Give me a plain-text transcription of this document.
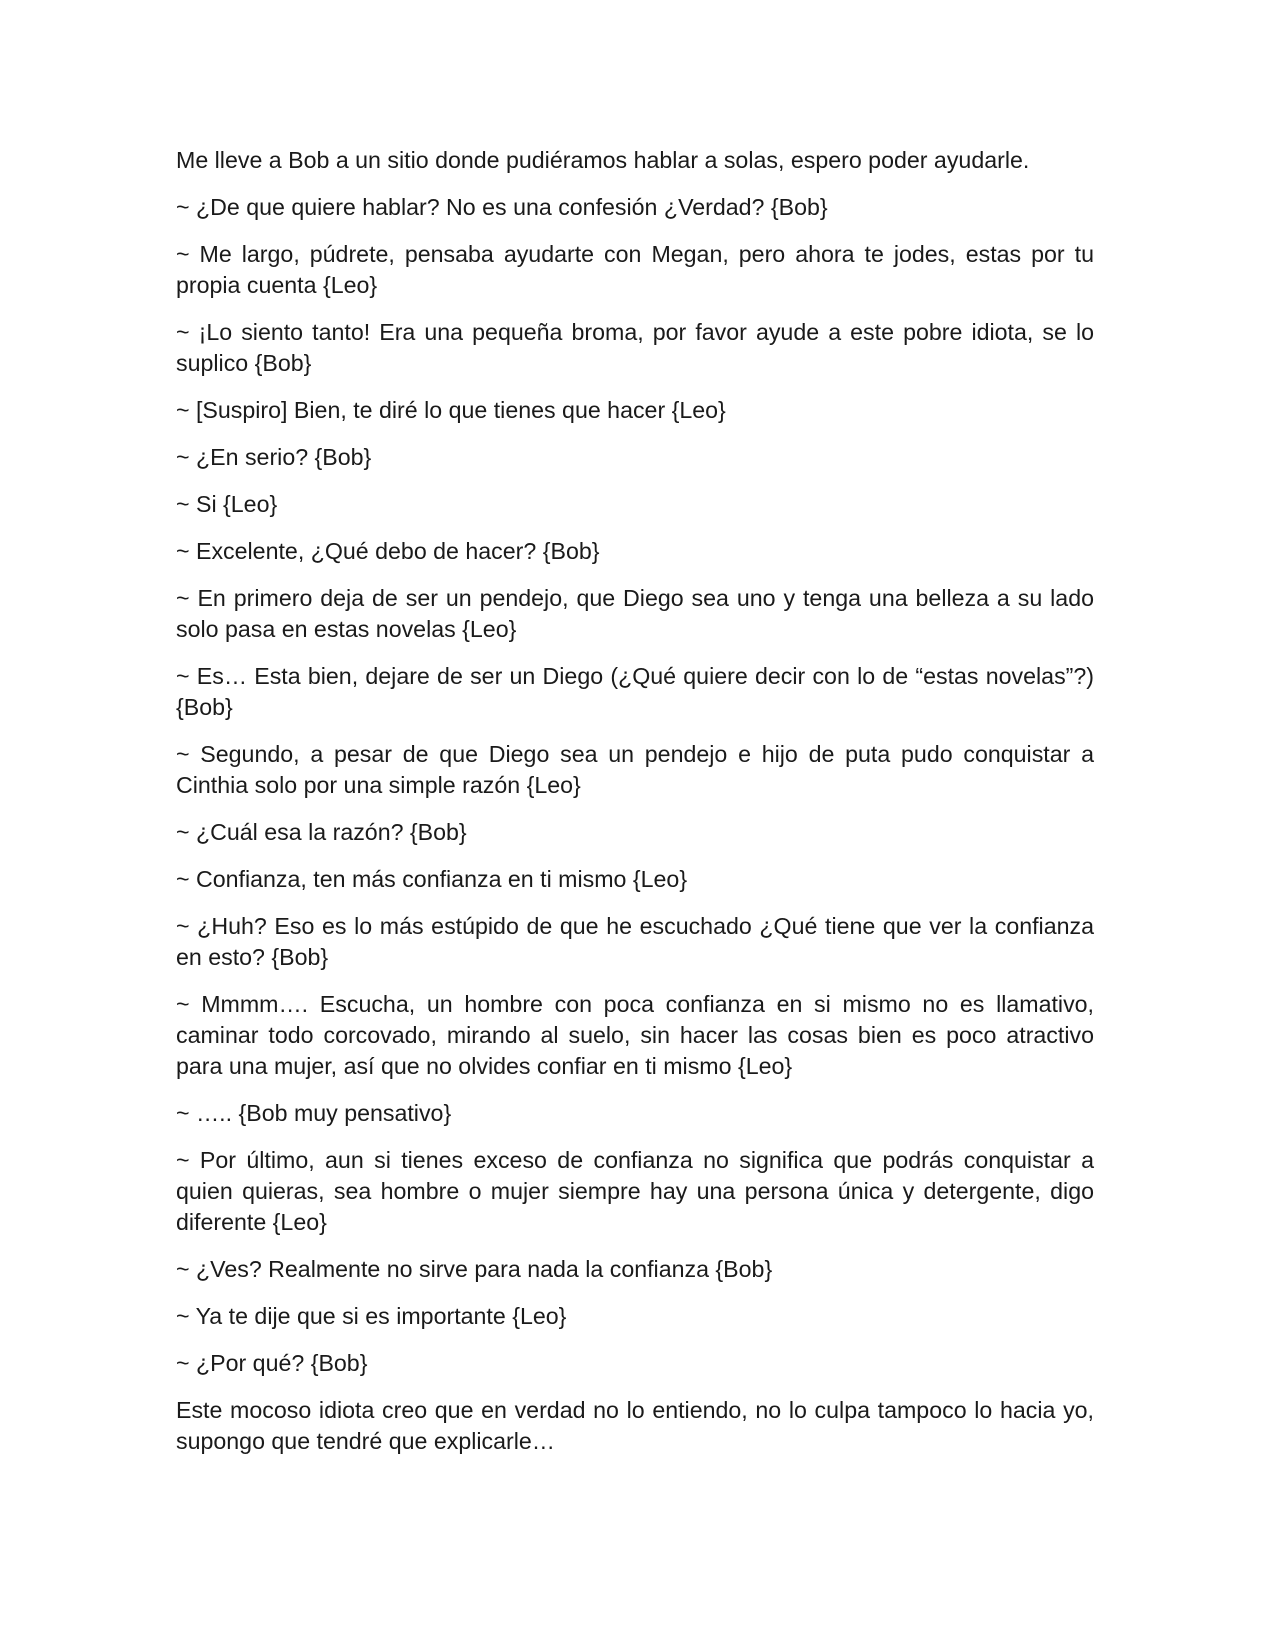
Me lleve a Bob a un sitio donde pudiéramos hablar a solas, espero poder ayudarle.

~ ¿De que quiere hablar? No es una confesión ¿Verdad? {Bob}

~ Me largo, púdrete, pensaba ayudarte con Megan, pero ahora te jodes, estas por tu propia cuenta {Leo}

~ ¡Lo siento tanto! Era una pequeña broma, por favor ayude a este pobre idiota, se lo suplico {Bob}

~ [Suspiro] Bien, te diré lo que tienes que hacer {Leo}

~ ¿En serio? {Bob}

~ Si {Leo}

~ Excelente, ¿Qué debo de hacer? {Bob}

~ En primero deja de ser un pendejo, que Diego sea uno y tenga una belleza a su lado solo pasa en estas novelas {Leo}

~ Es… Esta bien, dejare de ser un Diego (¿Qué quiere decir con lo de “estas novelas”?) {Bob}

~ Segundo, a pesar de que Diego sea un pendejo e hijo de puta pudo conquistar a Cinthia solo por una simple razón {Leo}

~ ¿Cuál esa la razón? {Bob}

~ Confianza, ten más confianza en ti mismo {Leo}

~ ¿Huh? Eso es lo más estúpido de que he escuchado ¿Qué tiene que ver la confianza en esto? {Bob}

~ Mmmm…. Escucha, un hombre con poca confianza en si mismo no es llamativo, caminar todo corcovado, mirando al suelo, sin hacer las cosas bien es poco atractivo para una mujer, así que no olvides confiar en ti mismo {Leo}

~ ….. {Bob muy pensativo}

~ Por último, aun si tienes exceso de confianza no significa que podrás conquistar a quien quieras, sea hombre o mujer siempre hay una persona única y detergente, digo diferente {Leo}

~ ¿Ves? Realmente no sirve para nada la confianza {Bob}

~ Ya te dije que si es importante {Leo}

~ ¿Por qué? {Bob}

Este mocoso idiota creo que en verdad no lo entiendo, no lo culpa tampoco lo hacia yo, supongo que tendré que explicarle…
